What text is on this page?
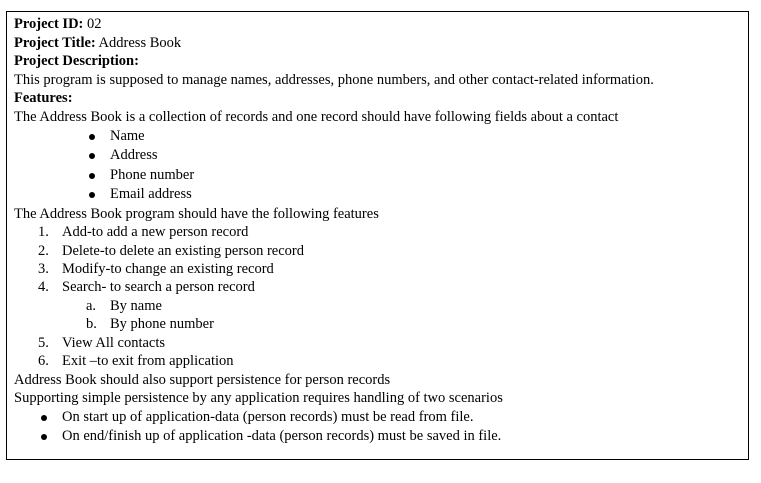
Project ID: 02
Project Title: Address Book
Project Description:
This program is supposed to manage names, addresses, phone numbers, and other contact-related information.
Features:
The Address Book is a collection of records and one record should have following fields about a contact
Name
Address
Phone number
Email address
The Address Book program should have the following features
1. Add-to add a new person record
2. Delete-to delete an existing person record
3. Modify-to change an existing record
4. Search- to search a person record
a. By name
b. By phone number
5. View All contacts
6. Exit –to exit from application
Address Book should also support persistence for person records
Supporting simple persistence by any application requires handling of two scenarios
On start up of application-data (person records) must be read from file.
On end/finish up of application -data (person records) must be saved in file.
